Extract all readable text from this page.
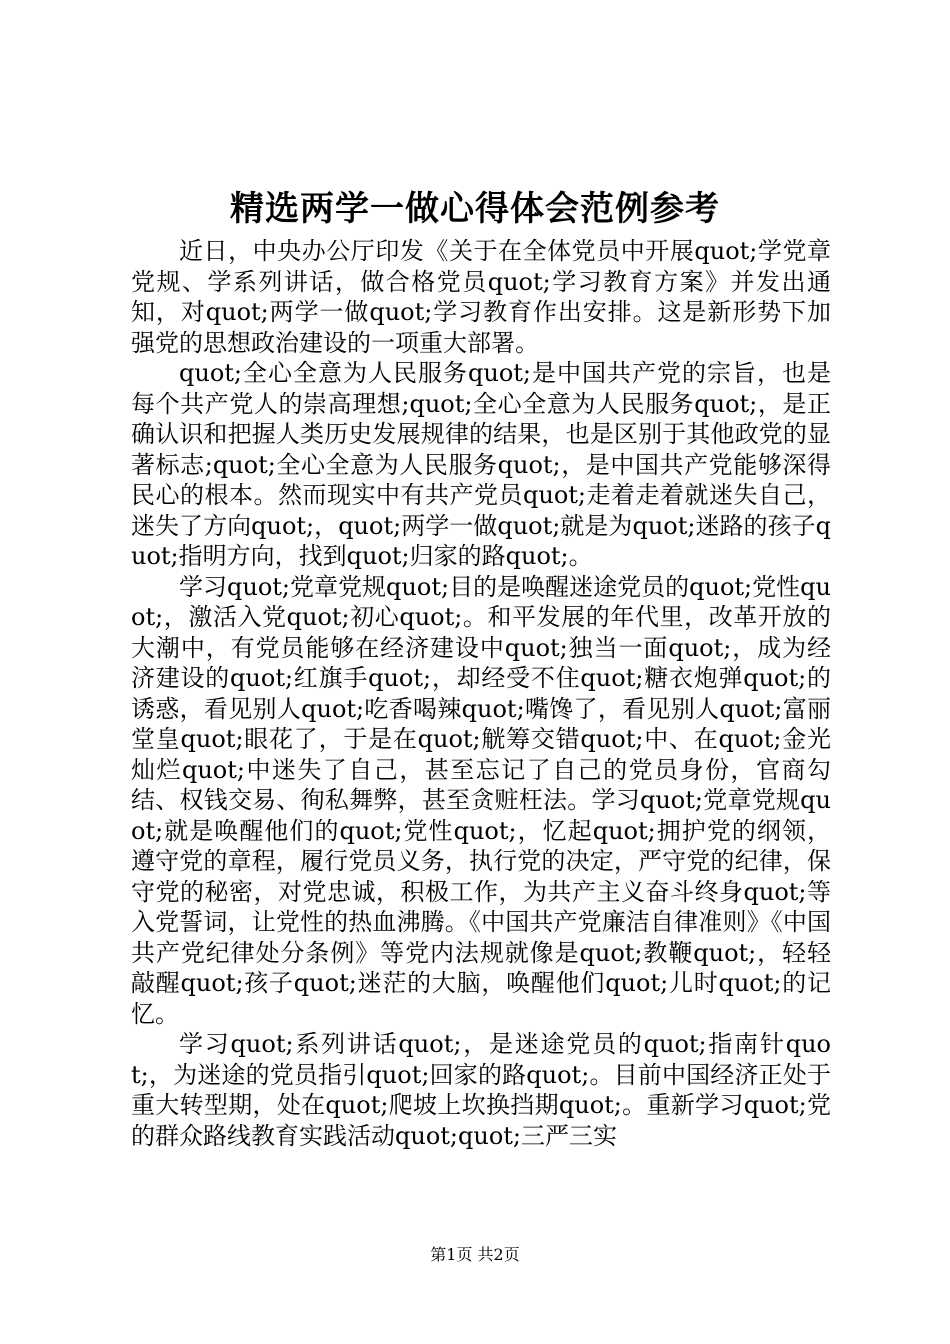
精选两学一做心得体会范例参考

近日，中央办公厅印发《关于在全体党员中开展quot;学党章党规、学系列讲话，做合格党员quot;学习教育方案》并发出通知，对quot;两学一做quot;学习教育作出安排。这是新形势下加强党的思想政治建设的一项重大部署。

quot;全心全意为人民服务quot;是中国共产党的宗旨，也是每个共产党人的崇高理想;quot;全心全意为人民服务quot;，是正确认识和把握人类历史发展规律的结果，也是区别于其他政党的显著标志;quot;全心全意为人民服务quot;，是中国共产党能够深得民心的根本。然而现实中有共产党员quot;走着走着就迷失自己，迷失了方向quot;，quot;两学一做quot;就是为quot;迷路的孩子quot;指明方向，找到quot;归家的路quot;。

学习quot;党章党规quot;目的是唤醒迷途党员的quot;党性quot;，激活入党quot;初心quot;。和平发展的年代里，改革开放的大潮中，有党员能够在经济建设中quot;独当一面quot;，成为经济建设的quot;红旗手quot;，却经受不住quot;糖衣炮弹quot;的诱惑，看见别人quot;吃香喝辣quot;嘴馋了，看见别人quot;富丽堂皇quot;眼花了，于是在quot;觥筹交错quot;中、在quot;金光灿烂quot;中迷失了自己，甚至忘记了自己的党员身份，官商勾结、权钱交易、徇私舞弊，甚至贪赃枉法。学习quot;党章党规quot;就是唤醒他们的quot;党性quot;，忆起quot;拥护党的纲领，遵守党的章程，履行党员义务，执行党的决定，严守党的纪律，保守党的秘密，对党忠诚，积极工作，为共产主义奋斗终身quot;等入党誓词，让党性的热血沸腾。《中国共产党廉洁自律准则》《中国共产党纪律处分条例》等党内法规就像是quot;教鞭quot;，轻轻敲醒quot;孩子quot;迷茫的大脑，唤醒他们quot;儿时quot;的记忆。

学习quot;系列讲话quot;，是迷途党员的quot;指南针quot;，为迷途的党员指引quot;回家的路quot;。目前中国经济正处于重大转型期，处在quot;爬坡上坎换挡期quot;。重新学习quot;党的群众路线教育实践活动quot;quot;三严三实

第1页 共2页
